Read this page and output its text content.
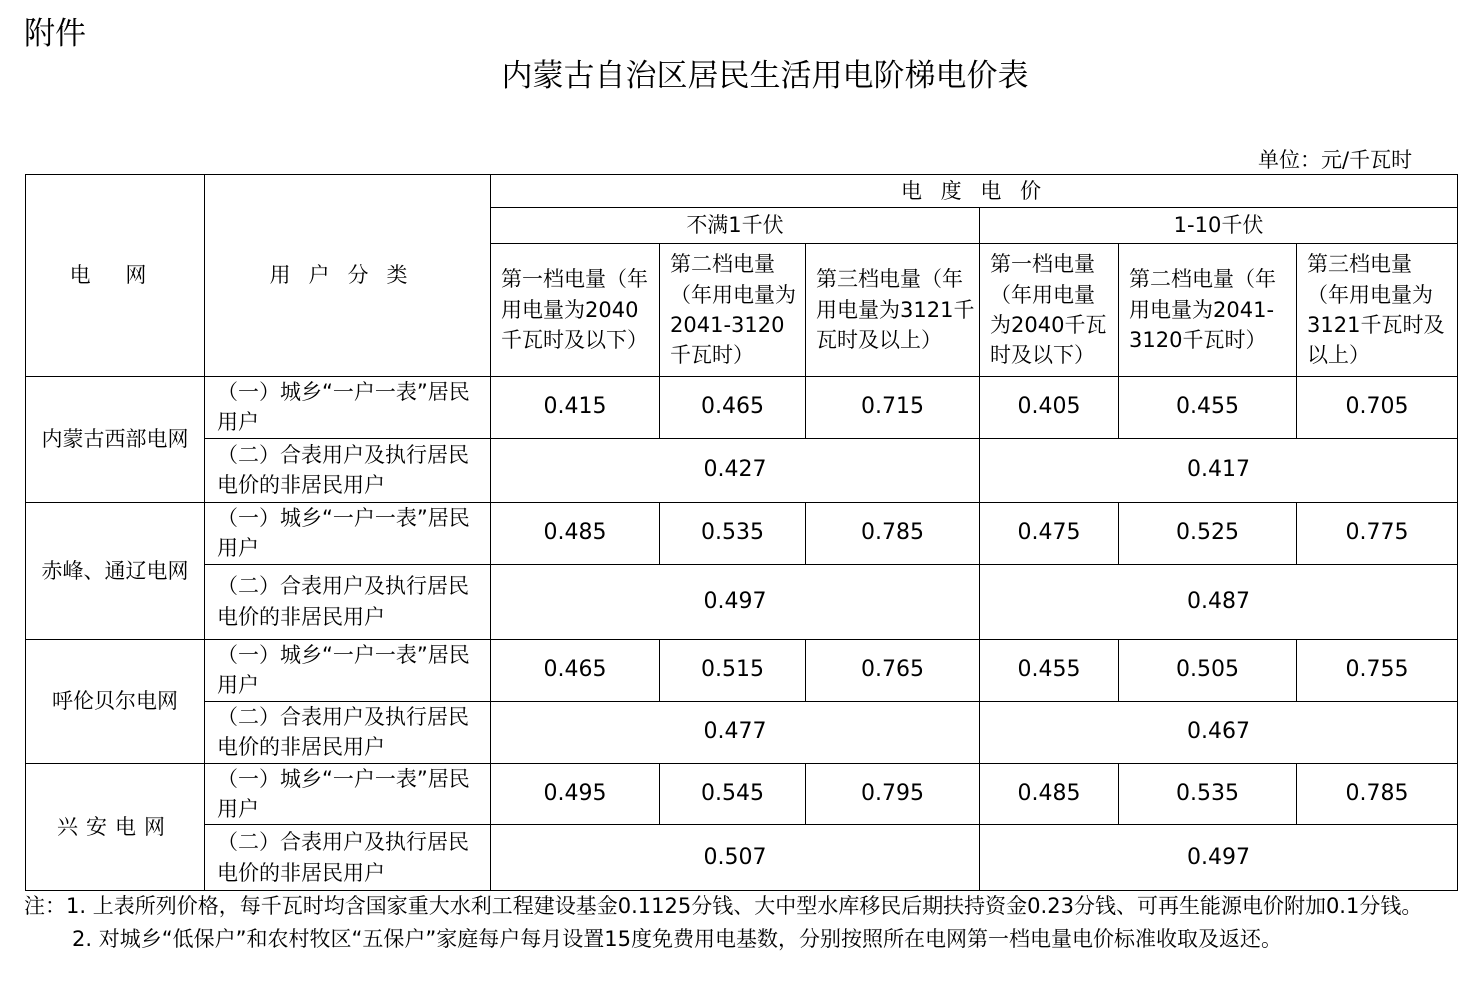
附件
内蒙古自治区居民生活用电阶梯电价表
单位：元/千瓦时
电 网	用户分类	电 度 电 价					
		不满1千伏			1-10千伏		
		第一档电量（年用电量为2040千瓦时及以下）	第二档电量（年用电量为2041-3120千瓦时）	第三档电量（年用电量为3121千瓦时及以上）	第一档电量（年用电量为2040千瓦时及以下）	第二档电量（年用电量为2041-3120千瓦时）	第三档电量（年用电量为3121千瓦时及以上）
内蒙古西部电网	（一）城乡“一户一表”居民用户	0.415	0.465	0.715	0.405	0.455	0.705
	（二）合表用户及执行居民电价的非居民用户	0.427			0.417		
赤峰、通辽电网	（一）城乡“一户一表”居民用户	0.485	0.535	0.785	0.475	0.525	0.775
	（二）合表用户及执行居民电价的非居民用户	0.497			0.487		
呼伦贝尔电网	（一）城乡“一户一表”居民用户	0.465	0.515	0.765	0.455	0.505	0.755
	（二）合表用户及执行居民电价的非居民用户	0.477			0.467		
兴安电网	（一）城乡“一户一表”居民用户	0.495	0.545	0.795	0.485	0.535	0.785
	（二）合表用户及执行居民电价的非居民用户	0.507			0.497		
注：1. 上表所列价格，每千瓦时均含国家重大水利工程建设基金0.1125分钱、大中型水库移民后期扶持资金0.23分钱、可再生能源电价附加0.1分钱。
2. 对城乡“低保户”和农村牧区“五保户”家庭每户每月设置15度免费用电基数，分别按照所在电网第一档电量电价标准收取及返还。
